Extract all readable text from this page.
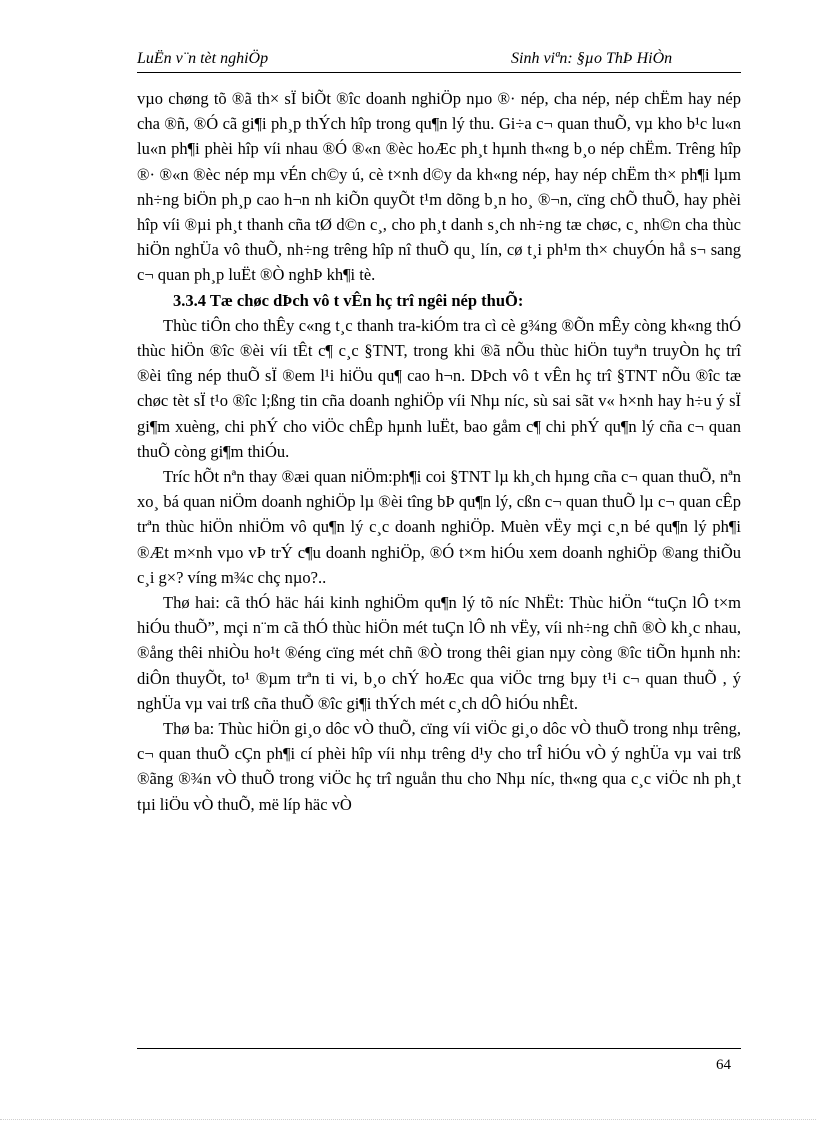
LuËn v¨n tèt nghiÖp	Sinh viªn: §µo ThÞ HiÒn

vµo chøng tõ ®ã th× sÏ biÕt ®îc doanh nghiÖp nµo ®· nép, cha nép, nép chËm hay nép cha ®ñ, ®Ó cã gi¶i ph¸p thÝch hîp trong qu¶n lý thu. Gi÷a c¬ quan thuÕ, vµ kho b¹c lu«n lu«n ph¶i phèi hîp víi nhau ®Ó ®«n ®èc hoÆc ph¸t hµnh th«ng b¸o nép chËm. Trêng hîp ®· ®«n ®èc nép mµ vÉn ch©y ú, cè t×nh d©y da kh«ng nép, hay nép chËm th× ph¶i lµm nh÷ng biÖn ph¸p cao h¬n nh kiÕn quyÕt t¹m dõng b¸n ho¸ ®¬n, cïng chÕ thuÕ, hay phèi hîp víi ®µi ph¸t thanh cña tØ d©n c¸, cho ph¸t danh s¸ch nh÷ng tæ chøc, c¸ nh©n cha thùc hiÖn nghÜa vô thuÕ, nh÷ng trêng hîp nî thuÕ qu¸ lín, cø t¸i ph¹m th× chuyÓn hå s¬ sang c¬ quan ph¸p luËt ®Ò nghÞ kh¶i tè.

3.3.4 Tæ chøc dÞch vô t vÊn hç trî ngêi nép thuÕ:

Thùc tiÔn cho thÊy c«ng t¸c thanh tra-kiÓm tra cì cè g¾ng ®Õn mÊy còng kh«ng thÓ thùc hiÖn ®îc ®èi víi tÊt c¶ c¸c §TNT, trong khi ®ã nÕu thùc hiÖn tuyªn truyÒn hç trî ®èi tîng nép thuÕ sÏ ®em l¹i hiÖu qu¶ cao h¬n. DÞch vô t vÊn hç trî §TNT nÕu ®îc tæ chøc tèt sÏ t¹o ®îc l;ßng tin cña doanh nghiÖp víi Nhµ níc, sù sai sãt v« h×nh hay h÷u ý sÏ gi¶m xuèng, chi phÝ cho viÖc chÊp hµnh luËt, bao gåm c¶ chi phÝ qu¶n lý cña c¬ quan thuÕ còng gi¶m thiÓu.

Tríc hÕt nªn thay ®æi quan niÖm:ph¶i coi §TNT lµ kh¸ch hµng cña c¬ quan thuÕ, nªn xo¸ bá quan niÖm doanh nghiÖp lµ ®èi tîng bÞ qu¶n lý, cßn c¬ quan thuÕ lµ c¬ quan cÊp trªn thùc hiÖn nhiÖm vô qu¶n lý c¸c doanh nghiÖp. Muèn vËy mçi c¸n bé qu¶n lý ph¶i ®Æt m×nh vµo vÞ trÝ c¶u doanh nghiÖp, ®Ó t×m hiÓu xem doanh nghiÖp ®ang thiÕu c¸i g×? víng m¾c chç nµo?..

Thø hai: cã thÓ häc hái kinh nghiÖm qu¶n lý tõ níc NhËt: Thùc hiÖn “tuÇn lÔ t×m hiÓu thuÕ”, mçi n¨m cã thÓ thùc hiÖn mét tuÇn lÔ nh vËy, víi nh÷ng chñ ®Ò kh¸c nhau, ®ång thêi nhiÒu ho¹t ®éng cïng mét chñ ®Ò trong thêi gian nµy còng ®îc tiÕn hµnh nh: diÔn thuyÕt, to¹ ®µm trªn ti vi, b¸o chÝ hoÆc qua viÖc trng bµy t¹i c¬ quan thuÕ , ý nghÜa vµ vai trß cña thuÕ ®îc gi¶i thÝch mét c¸ch dÔ hiÓu nhÊt.

Thø ba: Thùc hiÖn gi¸o dôc vÒ thuÕ, cïng víi viÖc gi¸o dôc vÒ thuÕ trong nhµ trêng, c¬ quan thuÕ cÇn ph¶i cí phèi hîp víi nhµ trêng d¹y cho trÎ hiÓu vÒ ý nghÜa vµ vai trß ®ãng ®¾n vÒ thuÕ trong viÖc hç trî nguån thu cho Nhµ níc, th«ng qua c¸c viÖc nh ph¸t tµi liÖu vÒ thuÕ, më líp häc vÒ

64
